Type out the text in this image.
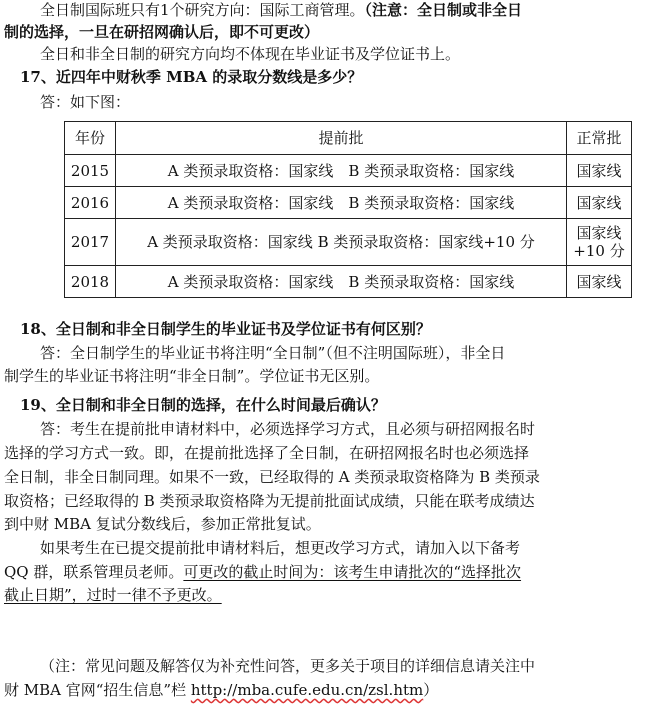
全日制国际班只有1个研究方向：国际工商管理。（注意：全日制或非全日
制的选择，一旦在研招网确认后，即不可更改）
全日和非全日制的研究方向均不体现在毕业证书及学位证书上。
17、近四年中财秋季 MBA 的录取分数线是多少？
答：如下图：
年份	提前批	正常批
2015	A 类预录取资格：国家线　B 类预录取资格：国家线	国家线
2016	A 类预录取资格：国家线　B 类预录取资格：国家线	国家线
2017	A 类预录取资格：国家线 B 类预录取资格：国家线+10 分	国家线
+10 分

2018	A 类预录取资格：国家线　B 类预录取资格：国家线	国家线
18、全日制和非全日制学生的毕业证书及学位证书有何区别？
答：全日制学生的毕业证书将注明“全日制”（但不注明国际班），非全日
制学生的毕业证书将注明“非全日制”。学位证书无区别。
19、全日制和非全日制的选择，在什么时间最后确认？
答：考生在提前批申请材料中，必须选择学习方式，且必须与研招网报名时
选择的学习方式一致。即，在提前批选择了全日制，在研招网报名时也必须选择
全日制，非全日制同理。如果不一致，已经取得的 A 类预录取资格降为 B 类预录
取资格；已经取得的 B 类预录取资格降为无提前批面试成绩，只能在联考成绩达
到中财 MBA 复试分数线后，参加正常批复试。
如果考生在已提交提前批申请材料后，想更改学习方式，请加入以下备考
QQ 群，联系管理员老师。可更改的截止时间为：该考生申请批次的“选择批次
截止日期”，过时一律不予更改。
（注：常见问题及解答仅为补充性问答，更多关于项目的详细信息请关注中
财 MBA 官网“招生信息”栏 http://mba.cufe.edu.cn/zsl.htm）
